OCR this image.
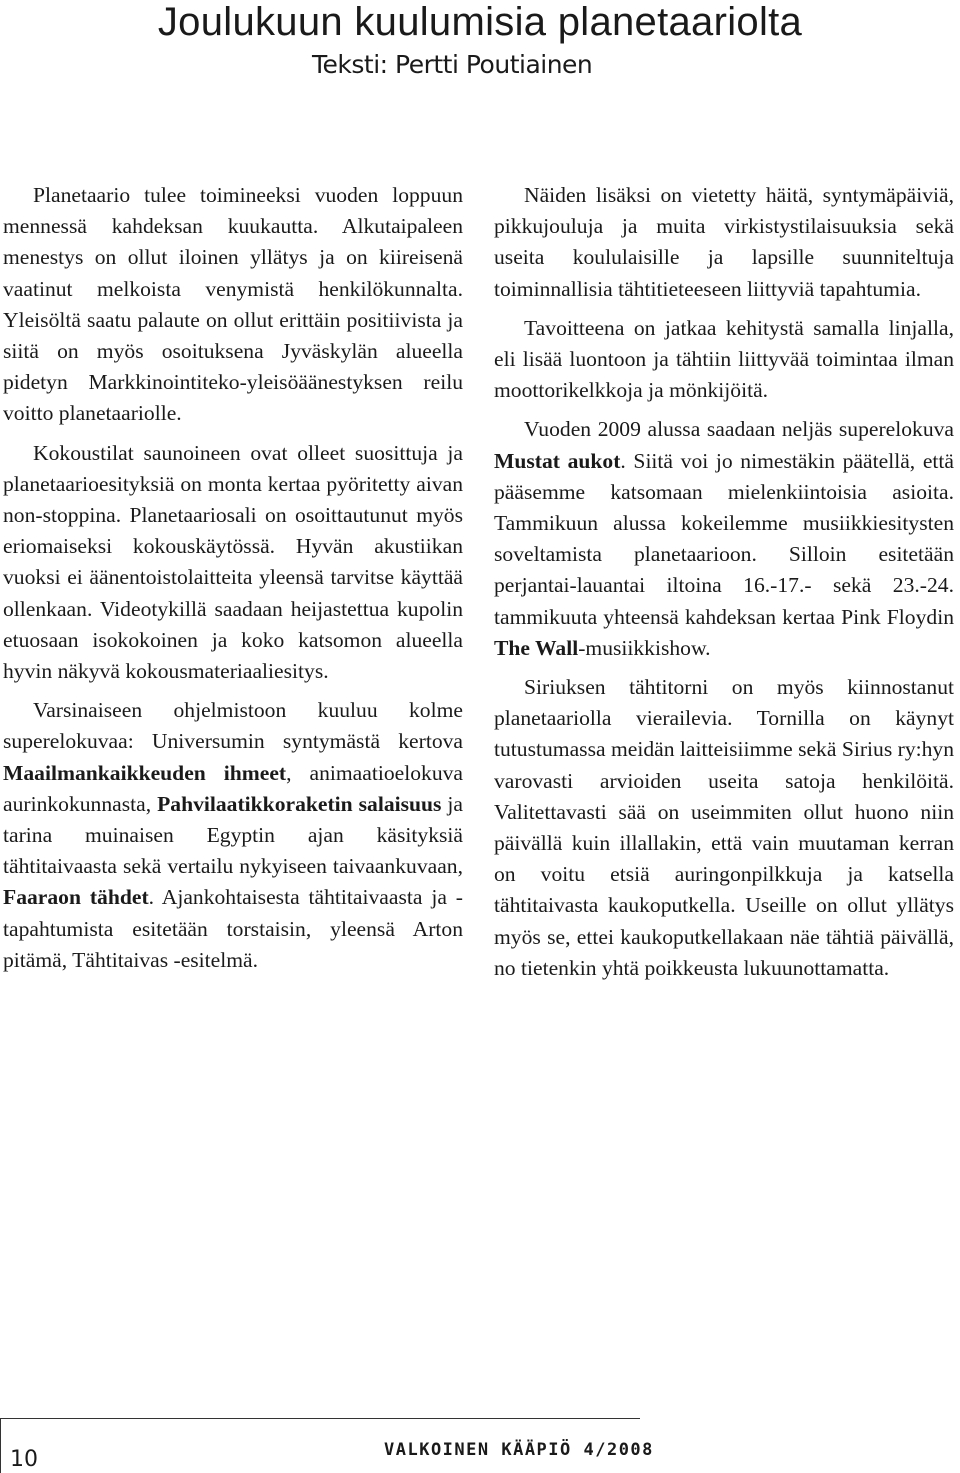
Joulukuun kuulumisia planetaariolta
Teksti: Pertti Poutiainen

Planetaario tulee toimineeksi vuoden loppuun mennessä kahdeksan kuukautta. Alkutaipaleen menestys on ollut iloinen yllätys ja on kiireisenä vaatinut melkoista venymistä henkilökunnalta. Yleisöltä saatu palaute on ollut erittäin positiivista ja siitä on myös osoituksena Jyväskylän alueella pidetyn Markkinointiteko-yleisöäänestyksen reilu voitto planetaariolle.

Kokoustilat saunoineen ovat olleet suosittuja ja planetaarioesityksiä on monta kertaa pyöritetty aivan non-stoppina. Planetaariosali on osoittautunut myös eriomaiseksi kokouskäytössä. Hyvän akustiikan vuoksi ei äänentoistolaitteita yleensä tarvitse käyttää ollenkaan. Videotykillä saadaan heijastettua kupolin etuosaan isokokoinen ja koko katsomon alueella hyvin näkyvä kokousmateriaaliesitys.

Varsinaiseen ohjelmistoon kuuluu kolme superelokuvaa: Universumin syntymästä kertova Maailmankaikkeuden ihmeet, animaatioelokuva aurinkokunnasta, Pahvilaatikkoraketin salaisuus ja tarina muinaisen Egyptin ajan käsityksiä tähtitaivaasta sekä vertailu nykyiseen taivaankuvaan, Faaraon tähdet. Ajankohtaisesta tähtitaivaasta ja - tapahtumista esitetään torstaisin, yleensä Arton pitämä, Tähtitaivas -esitelmä.

Näiden lisäksi on vietetty häitä, syntymäpäiviä, pikkujouluja ja muita virkistystilaisuuksia sekä useita koululaisille ja lapsille suunniteltuja toiminnallisia tähtitieteeseen liittyviä tapahtumia.

Tavoitteena on jatkaa kehitystä samalla linjalla, eli lisää luontoon ja tähtiin liittyvää toimintaa ilman moottorikelkkoja ja mönkijöitä.

Vuoden 2009 alussa saadaan neljäs superelokuva Mustat aukot. Siitä voi jo nimestäkin päätellä, että pääsemme katsomaan mielenkiintoisia asioita. Tammikuun alussa kokeilemme musiikkiesitysten soveltamista planetaarioon. Silloin esitetään perjantai-lauantai iltoina 16.-17.- sekä 23.-24. tammikuuta yhteensä kahdeksan kertaa Pink Floydin The Wall-musiikkishow.

Siriuksen tähtitorni on myös kiinnostanut planetaariolla vierailevia. Tornilla on käynyt tutustumassa meidän laitteisiimme sekä Sirius ry:hyn varovasti arvioiden useita satoja henkilöitä. Valitettavasti sää on useimmiten ollut huono niin päivällä kuin illallakin, että vain muutaman kerran on voitu etsiä auringonpilkkuja ja katsella tähtitaivasta kaukoputkella. Useille on ollut yllätys myös se, ettei kaukoputkellakaan näe tähtiä päivällä, no tietenkin yhtä poikkeusta lukuunottamatta.

10	VALKOINEN KÄÄPIÖ 4/2008
